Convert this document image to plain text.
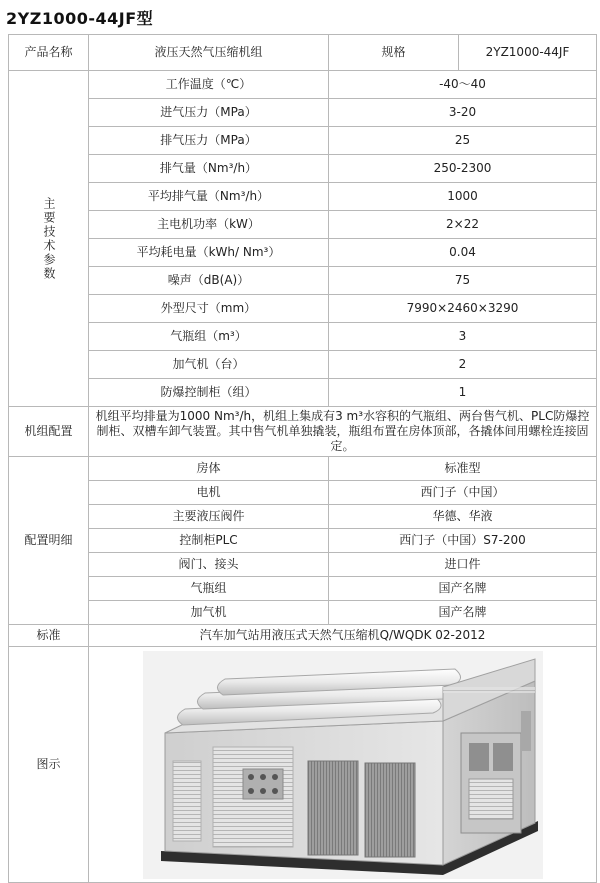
2YZ1000-44JF型
产品名称	液压天然气压缩机组	规格	2YZ1000-44JF
主要技术参数	工作温度（℃）	-40～40	
	进气压力（MPa）	3-20	
	排气压力（MPa）	25	
	排气量（Nm³/h）	250-2300	
	平均排气量（Nm³/h）	1000	
	主电机功率（kW）	2×22	
	平均耗电量（kWh/ Nm³）	0.04	
	噪声（dB(A)）	75	
	外型尺寸（mm）	7990×2460×3290	
	气瓶组（m³）	3	
	加气机（台）	2	
	防爆控制柜（组）	1	
机组配置	机组平均排量为1000 Nm³/h，机组上集成有3 m³水容积的气瓶组、两台售气机、PLC防爆控制柜、双槽车卸气装置。其中售气机单独撬装，瓶组布置在房体顶部，各撬体间用螺栓连接固定。		
配置明细	房体	标准型	
	电机	西门子（中国）	
	主要液压阀件	华德、华液	
	控制柜PLC	西门子（中国）S7-200	
	阀门、接头	进口件	
	气瓶组	国产名牌	
	加气机	国产名牌	
标准	汽车加气站用液压式天然气压缩机Q/WQDK 02-2012		
图示	
